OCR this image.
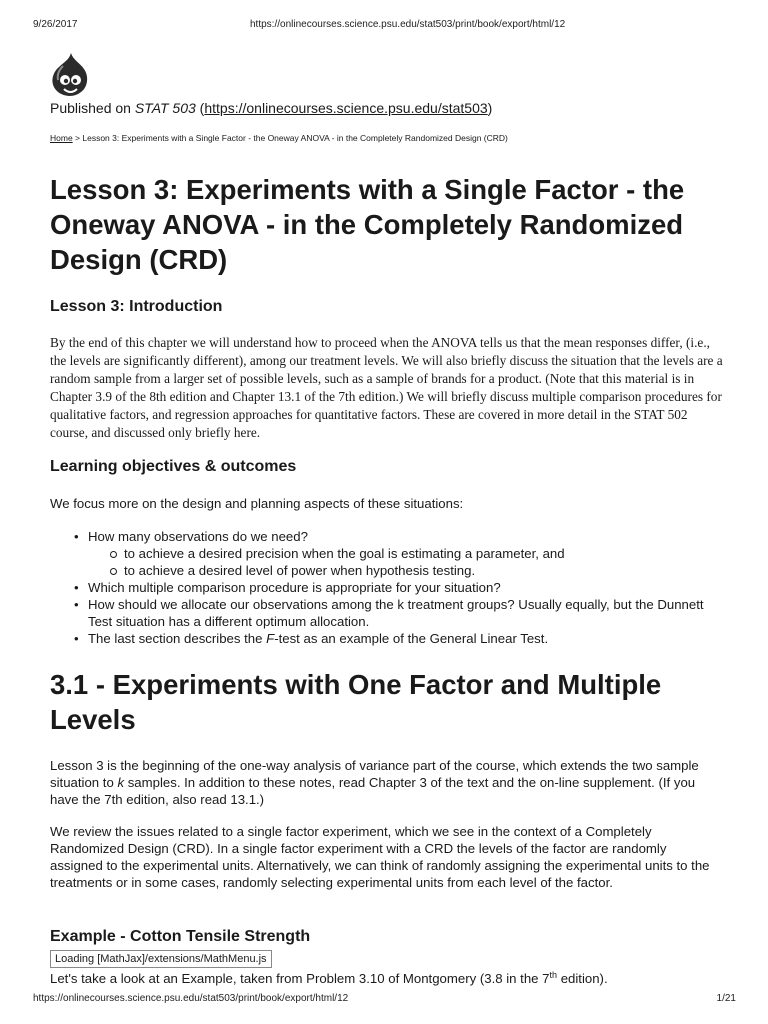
9/26/2017	https://onlinecourses.science.psu.edu/stat503/print/book/export/html/12
Published on STAT 503 (https://onlinecourses.science.psu.edu/stat503)
Home > Lesson 3: Experiments with a Single Factor - the Oneway ANOVA - in the Completely Randomized Design (CRD)
Lesson 3: Experiments with a Single Factor - the Oneway ANOVA - in the Completely Randomized Design (CRD)
Lesson 3: Introduction
By the end of this chapter we will understand how to proceed when the ANOVA tells us that the mean responses differ, (i.e., the levels are significantly different), among our treatment levels. We will also briefly discuss the situation that the levels are a random sample from a larger set of possible levels, such as a sample of brands for a product. (Note that this material is in Chapter 3.9 of the 8th edition and Chapter 13.1 of the 7th edition.) We will briefly discuss multiple comparison procedures for qualitative factors, and regression approaches for quantitative factors. These are covered in more detail in the STAT 502 course, and discussed only briefly here.
Learning objectives & outcomes
We focus more on the design and planning aspects of these situations:
• How many observations do we need?
to achieve a desired precision when the goal is estimating a parameter, and
to achieve a desired level of power when hypothesis testing.
• Which multiple comparison procedure is appropriate for your situation?
• How should we allocate our observations among the k treatment groups? Usually equally, but the Dunnett Test situation has a different optimum allocation.
• The last section describes the F-test as an example of the General Linear Test.
3.1 - Experiments with One Factor and Multiple Levels
Lesson 3 is the beginning of the one-way analysis of variance part of the course, which extends the two sample situation to k samples. In addition to these notes, read Chapter 3 of the text and the on-line supplement. (If you have the 7th edition, also read 13.1.)
We review the issues related to a single factor experiment, which we see in the context of a Completely Randomized Design (CRD). In a single factor experiment with a CRD the levels of the factor are randomly assigned to the experimental units. Alternatively, we can think of randomly assigning the experimental units to the treatments or in some cases, randomly selecting experimental units from each level of the factor.
Example - Cotton Tensile Strength
Let's take a look at an Example, taken from Problem 3.10 of Montgomery (3.8 in the 7th edition).
Loading [MathJax]/extensions/MathMenu.js
https://onlinecourses.science.psu.edu/stat503/print/book/export/html/12	1/21
